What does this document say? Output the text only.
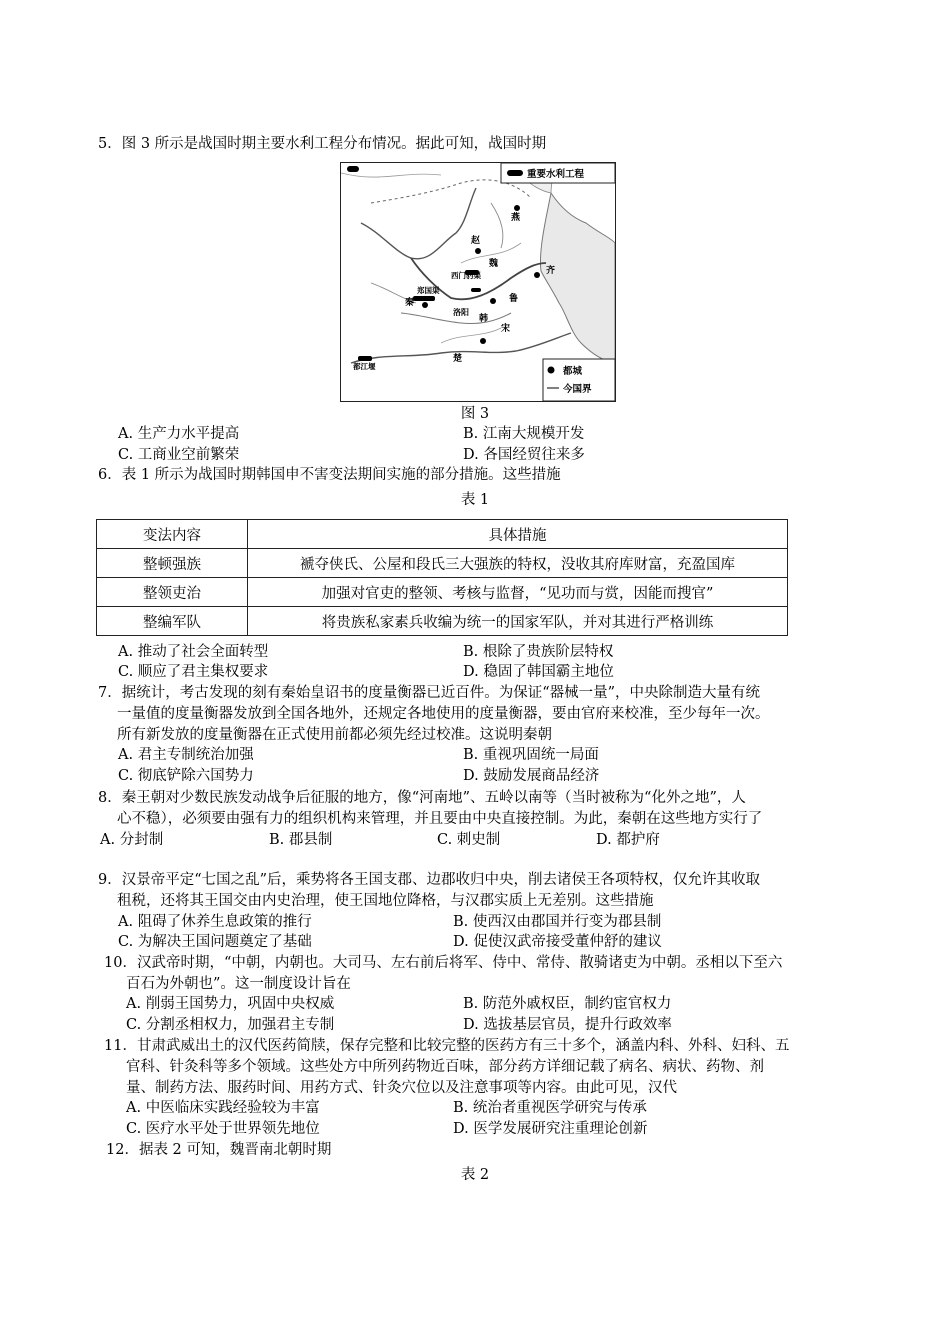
5．图 3 所示是战国时期主要水利工程分布情况。据此可知，战国时期
重要水利工程
都城
今国界
燕
赵
齐
魏
西门豹渠
郑国渠
秦
洛阳
韩
都江堰
楚
鲁
宋
图 3
A. 生产力水平提高	B. 江南大规模开发
C. 工商业空前繁荣	D. 各国经贸往来多
6．表 1 所示为战国时期韩国申不害变法期间实施的部分措施。这些措施
表 1
变法内容	具体措施
整顿强族	褫夺侠氏、公屋和段氏三大强族的特权，没收其府库财富，充盈国库
整领吏治	加强对官吏的整领、考核与监督，“见功而与赏，因能而搜官”
整编军队	将贵族私家素兵收编为统一的国家军队，并对其进行严格训练
A. 推动了社会全面转型	B. 根除了贵族阶层特权
C. 顺应了君主集权要求	D. 稳固了韩国霸主地位
7．据统计，考古发现的刻有秦始皇诏书的度量衡器已近百件。为保证“器械一量”，中央除制造大量有统
一量值的度量衡器发放到全国各地外，还规定各地使用的度量衡器，要由官府来校准，至少每年一次。
所有新发放的度量衡器在正式使用前都必须先经过校准。这说明秦朝
A. 君主专制统治加强	B. 重视巩固统一局面
C. 彻底铲除六国势力	D. 鼓励发展商品经济
8．秦王朝对少数民族发动战争后征服的地方，像“河南地”、五岭以南等（当时被称为“化外之地”，人
心不稳），必须要由强有力的组织机构来管理，并且要由中央直接控制。为此，秦朝在这些地方实行了
A. 分封制	B. 郡县制	C. 刺史制	D. 都护府
9．汉景帝平定“七国之乱”后，乘势将各王国支郡、边郡收归中央，削去诸侯王各项特权，仅允许其收取
租税，还将其王国交由内史治理，使王国地位降格，与汉郡实质上无差别。这些措施
A. 阻碍了休养生息政策的推行	B. 使西汉由郡国并行变为郡县制
C. 为解决王国问题奠定了基础	D. 促使汉武帝接受董仲舒的建议
10．汉武帝时期，“中朝，内朝也。大司马、左右前后将军、侍中、常侍、散骑诸吏为中朝。丞相以下至六
百石为外朝也”。这一制度设计旨在
A. 削弱王国势力，巩固中央权威	B. 防范外戚权臣，制约宦官权力
C. 分割丞相权力，加强君主专制	D. 选拔基层官员，提升行政效率
11．甘肃武威出土的汉代医药简牍，保存完整和比较完整的医药方有三十多个，涵盖内科、外科、妇科、五
官科、针灸科等多个领域。这些处方中所列药物近百味，部分药方详细记载了病名、病状、药物、剂
量、制药方法、服药时间、用药方式、针灸穴位以及注意事项等内容。由此可见，汉代
A. 中医临床实践经验较为丰富	B. 统治者重视医学研究与传承
C. 医疗水平处于世界领先地位	D. 医学发展研究注重理论创新
12．据表 2 可知，魏晋南北朝时期
表 2
